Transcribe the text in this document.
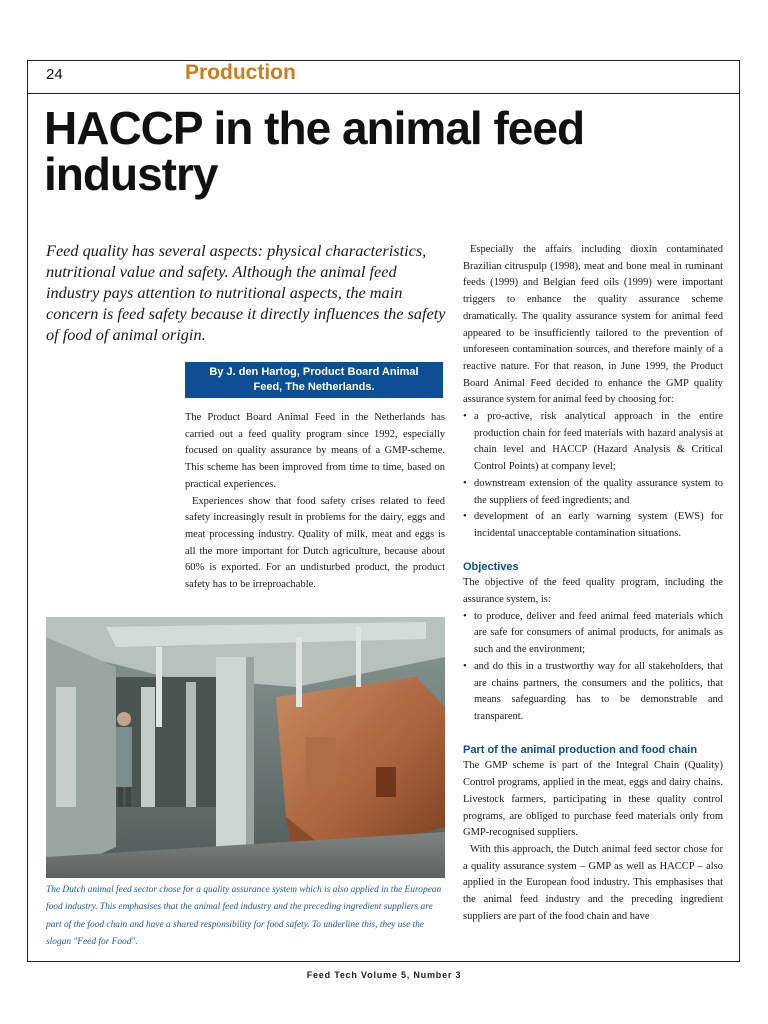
24	Production
HACCP in the animal feed industry
Feed quality has several aspects: physical characteristics, nutritional value and safety. Although the animal feed industry pays attention to nutritional aspects, the main concern is feed safety because it directly influences the safety of food of animal origin.
By J. den Hartog, Product Board Animal Feed, The Netherlands.

The Product Board Animal Feed in the Netherlands has carried out a feed quality program since 1992, especially focused on quality assurance by means of a GMP-scheme. This scheme has been improved from time to time, based on practical experiences.

Experiences show that food safety crises related to feed safety increasingly result in problems for the dairy, eggs and meat processing industry. Quality of milk, meat and eggs is all the more important for Dutch agriculture, because about 60% is exported. For an undisturbed product, the product safety has to be irreproachable.

Especially the affairs including dioxin contaminated Brazilian citruspulp (1998), meat and bone meal in ruminant feeds (1999) and Belgian feed oils (1999) were important triggers to enhance the quality assurance scheme dramatically. The quality assurance system for animal feed appeared to be insufficiently tailored to the prevention of unforeseen contamination sources, and therefore mainly of a reactive nature. For that reason, in June 1999, the Product Board Animal Feed decided to enhance the GMP quality assurance system for animal feed by choosing for:

• a pro-active, risk analytical approach in the entire production chain for feed materials with hazard analysis at chain level and HACCP (Hazard Analysis & Critical Control Points) at company level;
• downstream extension of the quality assurance system to the suppliers of feed ingredients; and
• development of an early warning system (EWS) for incidental unacceptable contamination situations.
Objectives

The objective of the feed quality program, including the assurance system, is:

• to produce, deliver and feed animal feed materials which are safe for consumers of animal products, for animals as such and the environment;
• and do this in a trustworthy way for all stakeholders, that are chains partners, the consumers and the politics, that means safeguarding has to be demonstrable and transparent.
Part of the animal production and food chain

The GMP scheme is part of the Integral Chain (Quality) Control programs, applied in the meat, eggs and dairy chains. Livestock farmers, participating in these quality control programs, are obliged to purchase feed materials only from GMP-recognised suppliers.

With this approach, the Dutch animal feed sector chose for a quality assurance system – GMP as well as HACCP – also applied in the European food industry. This emphasises that the animal feed industry and the preceding ingredient suppliers are part of the food chain and have

The Dutch animal feed sector chose for a quality assurance system which is also applied in the European food industry. This emphasises that the animal feed industry and the preceding ingredient suppliers are part of the food chain and have a shared responsibility for food safety. To underline this, they use the slogan "Feed for Food".
Feed Tech Volume 5, Number 3
